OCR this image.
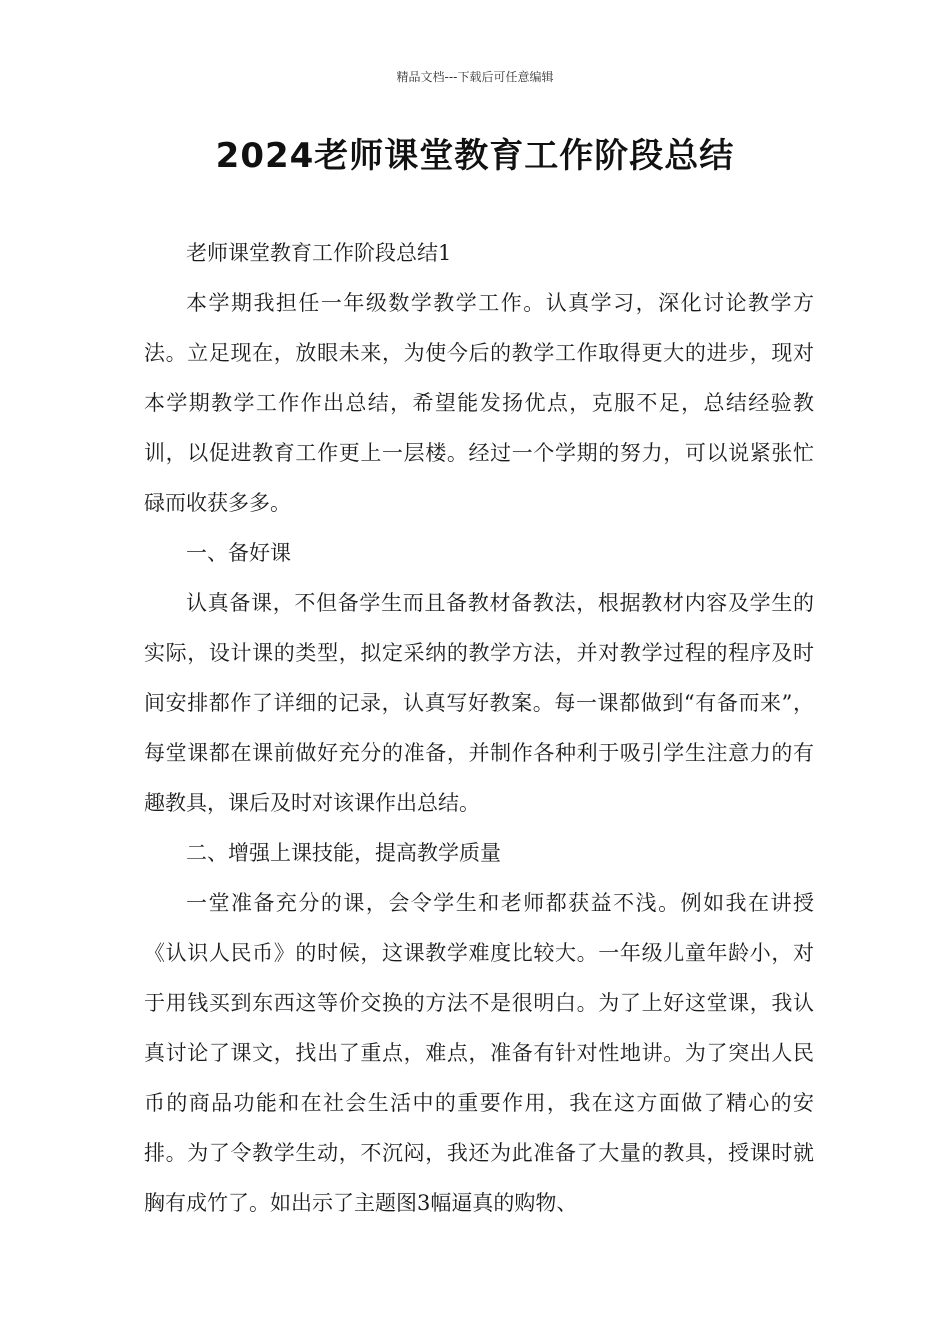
精品文档---下载后可任意编辑
2024老师课堂教育工作阶段总结

老师课堂教育工作阶段总结1

本学期我担任一年级数学教学工作。认真学习，深化讨论教学方法。立足现在，放眼未来，为使今后的教学工作取得更大的进步，现对本学期教学工作作出总结，希望能发扬优点，克服不足，总结经验教训，以促进教育工作更上一层楼。经过一个学期的努力，可以说紧张忙碌而收获多多。

一、备好课

认真备课，不但备学生而且备教材备教法，根据教材内容及学生的实际，设计课的类型，拟定采纳的教学方法，并对教学过程的程序及时间安排都作了详细的记录，认真写好教案。每一课都做到“有备而来”，每堂课都在课前做好充分的准备，并制作各种利于吸引学生注意力的有趣教具，课后及时对该课作出总结。

二、增强上课技能，提高教学质量

一堂准备充分的课，会令学生和老师都获益不浅。例如我在讲授《认识人民币》的时候，这课教学难度比较大。一年级儿童年龄小，对于用钱买到东西这等价交换的方法不是很明白。为了上好这堂课，我认真讨论了课文，找出了重点，难点，准备有针对性地讲。为了突出人民币的商品功能和在社会生活中的重要作用，我在这方面做了精心的安排。为了令教学生动，不沉闷，我还为此准备了大量的教具，授课时就胸有成竹了。如出示了主题图3幅逼真的购物、
